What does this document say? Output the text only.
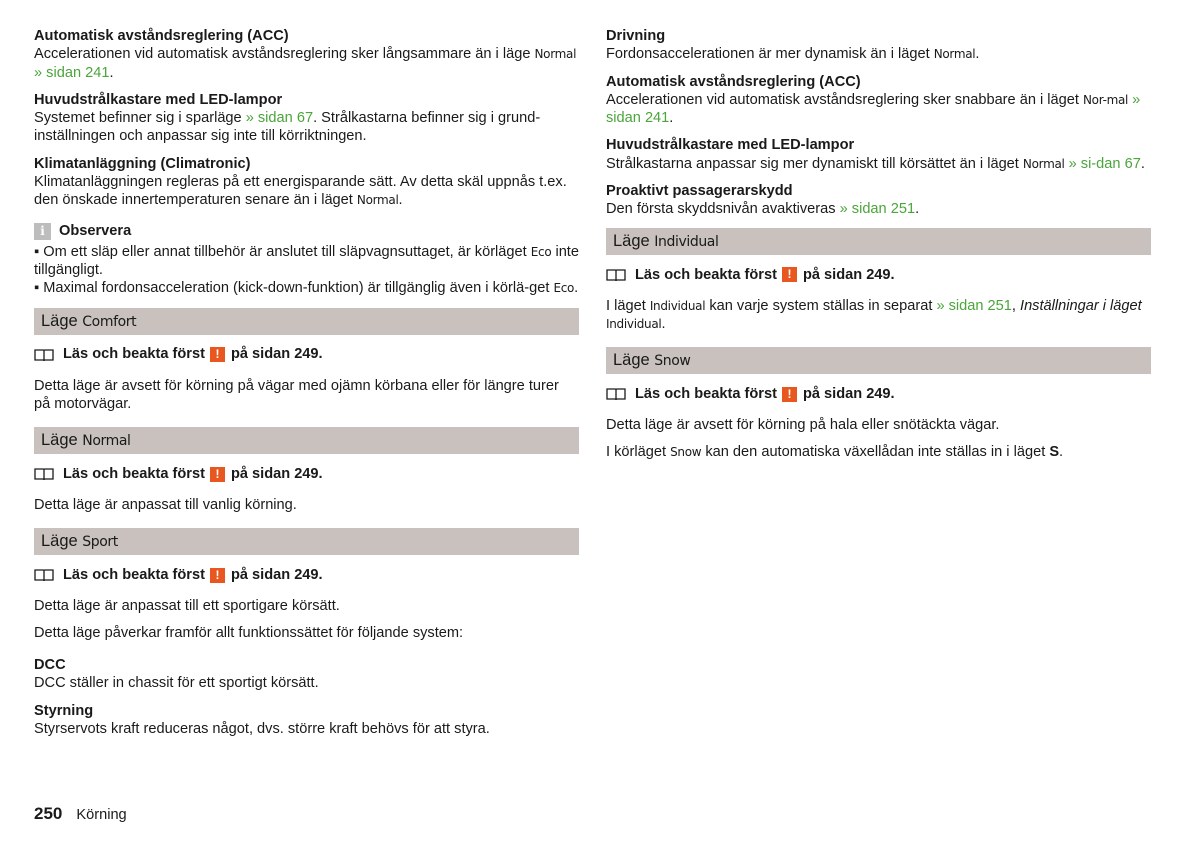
Automatisk avståndsreglering (ACC)

Accelerationen vid automatisk avståndsreglering sker långsammare än i läge Normal » sidan 241.

Huvudstrålkastare med LED-lampor

Systemet befinner sig i sparläge » sidan 67. Strålkastarna befinner sig i grund-inställningen och anpassar sig inte till körriktningen.

Klimatanläggning (Climatronic)

Klimatanläggningen regleras på ett energisparande sätt. Av detta skäl uppnås t.ex. den önskade innertemperaturen senare än i läget Normal.

i Observera

▪ Om ett släp eller annat tillbehör är anslutet till släpvagnsuttaget, är körläget Eco inte tillgängligt.

▪ Maximal fordonsacceleration (kick-down-funktion) är tillgänglig även i körlä-get Eco.

Läge Comfort
Läs och beakta först ! på sidan 249.

Detta läge är avsett för körning på vägar med ojämn körbana eller för längre turer på motorvägar.

Läge Normal
Läs och beakta först ! på sidan 249.

Detta läge är anpassat till vanlig körning.

Läge Sport
Läs och beakta först ! på sidan 249.

Detta läge är anpassat till ett sportigare körsätt.

Detta läge påverkar framför allt funktionssättet för följande system:

DCC

DCC ställer in chassit för ett sportigt körsätt.

Styrning

Styrservots kraft reduceras något, dvs. större kraft behövs för att styra.

Drivning

Fordonsaccelerationen är mer dynamisk än i läget Normal.

Automatisk avståndsreglering (ACC)

Accelerationen vid automatisk avståndsreglering sker snabbare än i läget Nor-mal » sidan 241.

Huvudstrålkastare med LED-lampor

Strålkastarna anpassar sig mer dynamiskt till körsättet än i läget Normal » si-dan 67.

Proaktivt passagerarskydd

Den första skyddsnivån avaktiveras » sidan 251.

Läge Individual
Läs och beakta först ! på sidan 249.

I läget Individual kan varje system ställas in separat » sidan 251, Inställningar i läget Individual.

Läge Snow
Läs och beakta först ! på sidan 249.

Detta läge är avsett för körning på hala eller snötäckta vägar.

I körläget Snow kan den automatiska växellådan inte ställas in i läget S.

250 Körning
